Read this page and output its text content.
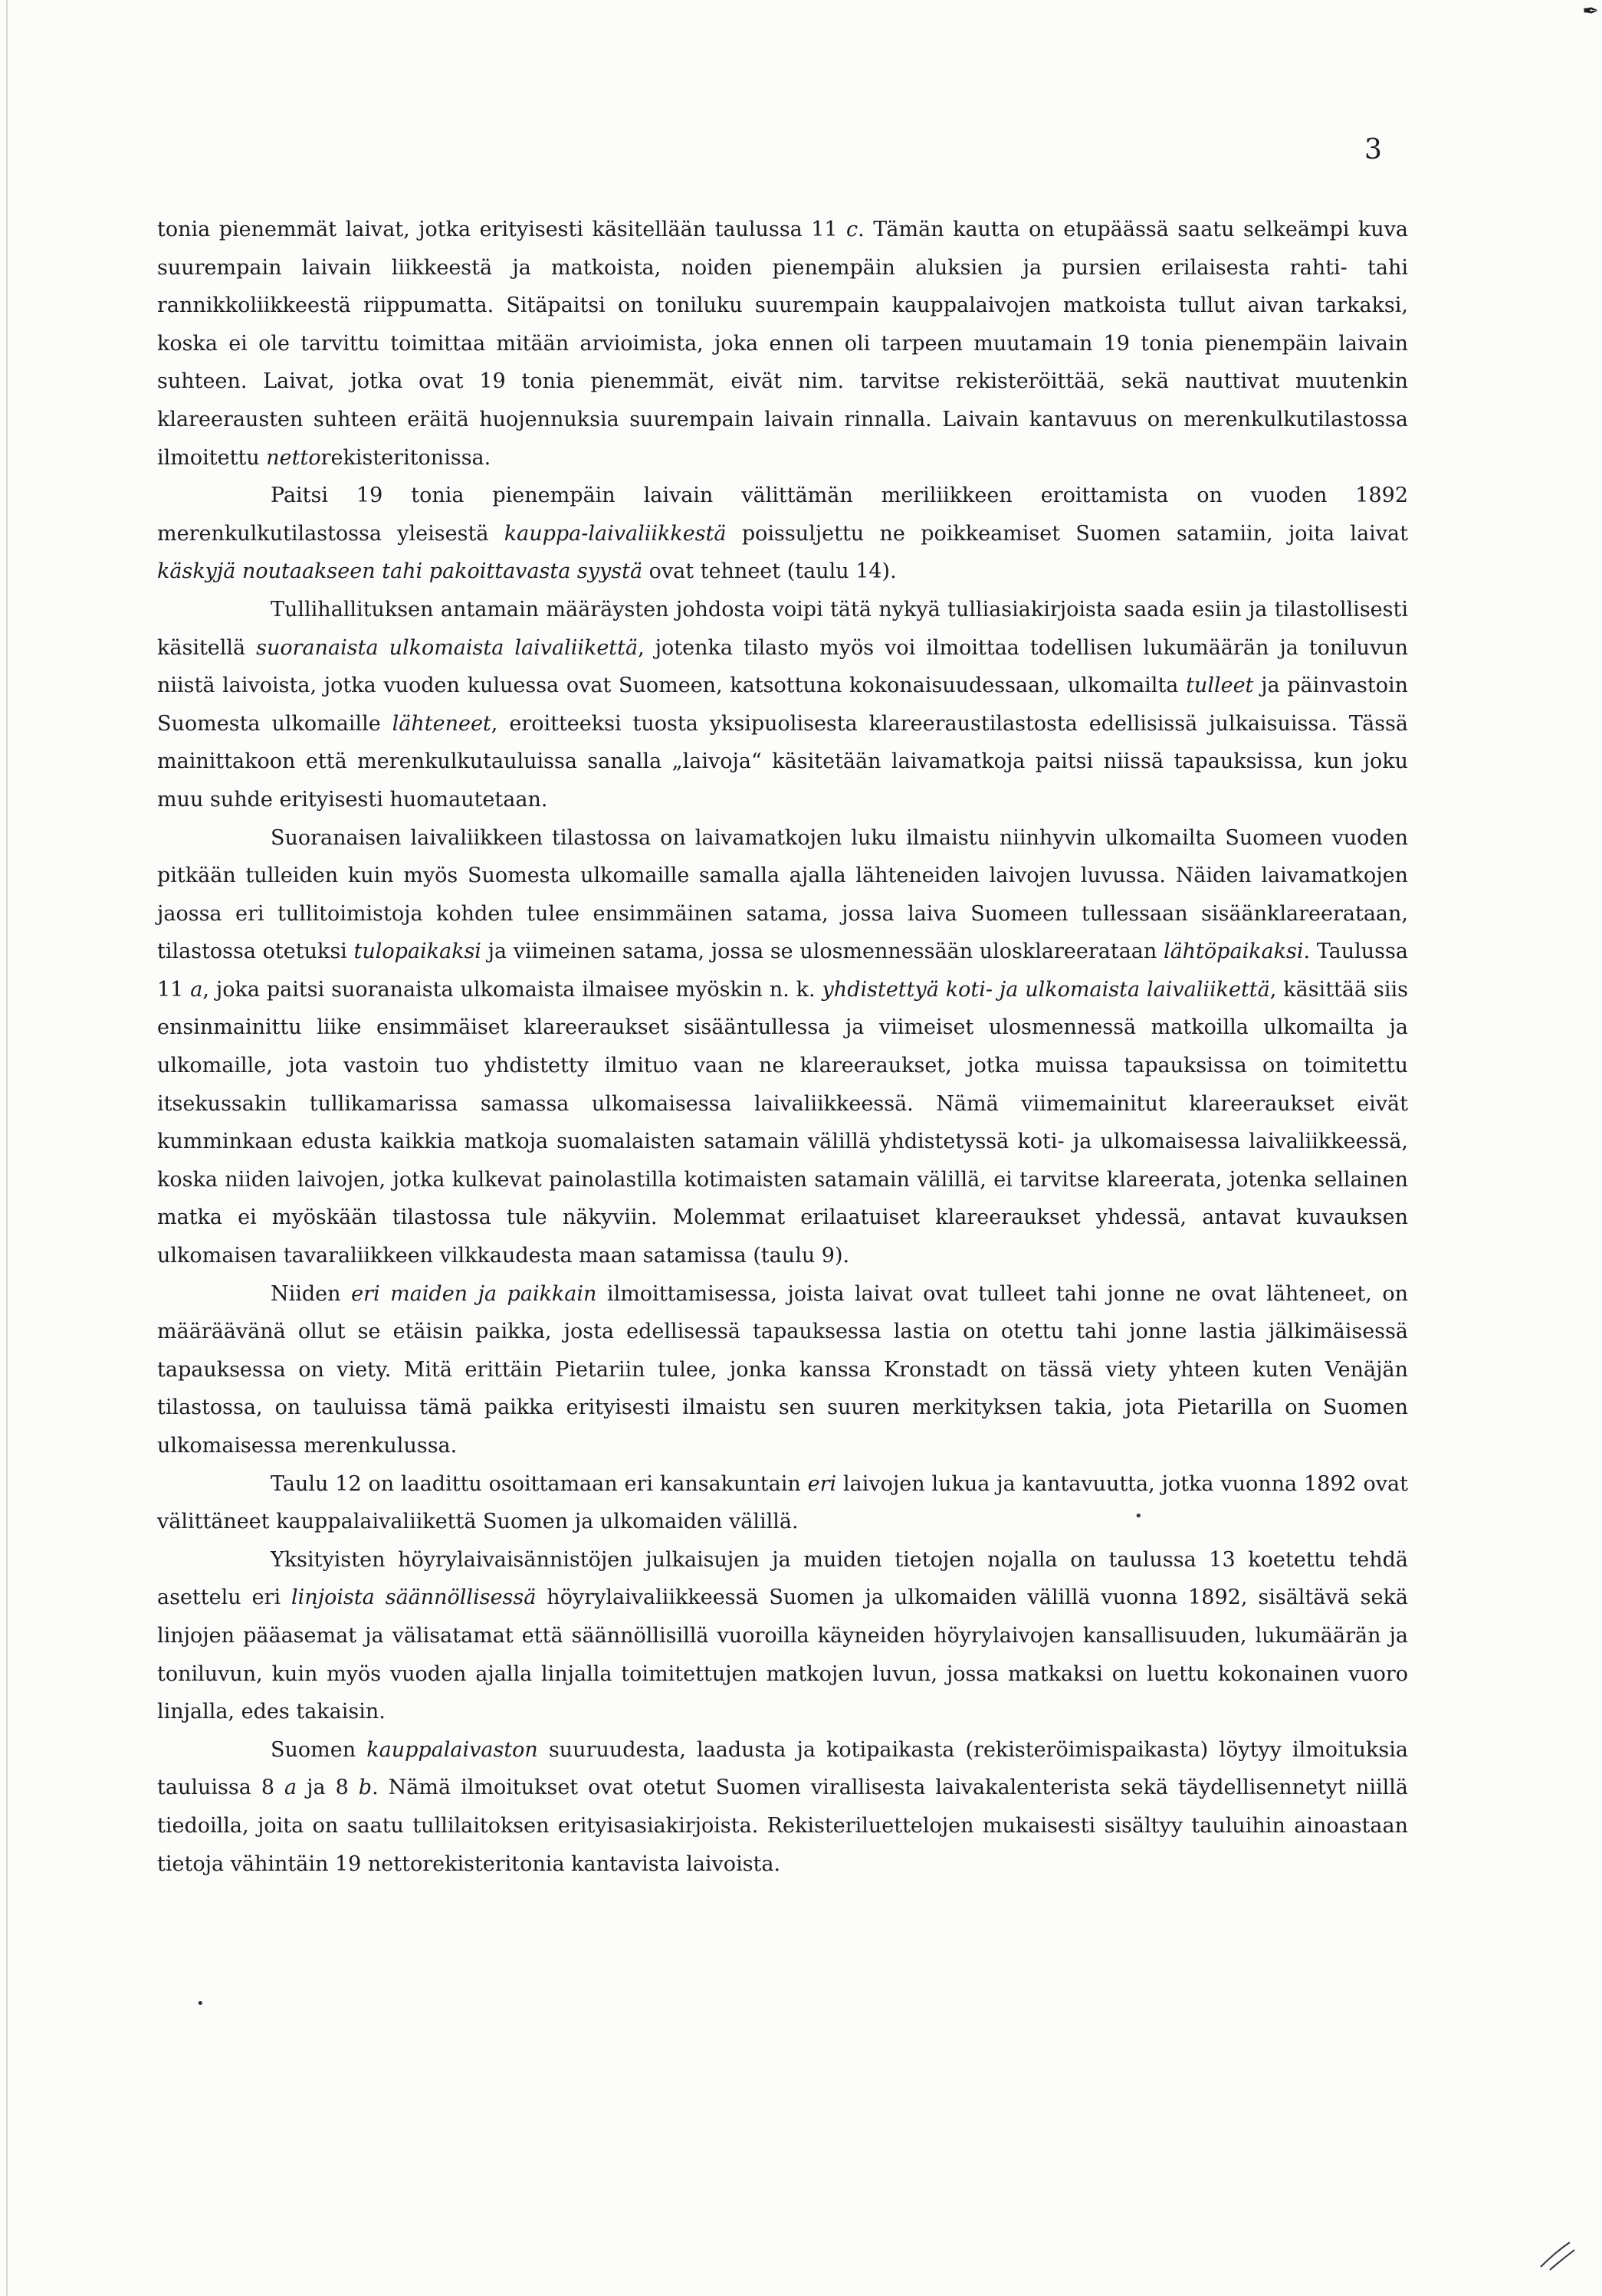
✒
•
•
3

tonia pienemmät laivat, jotka erityisesti käsitellään taulussa 11 c. Tämän kautta on etupäässä saatu selkeämpi kuva suurempain laivain liikkeestä ja matkoista, noiden pienempäin aluksien ja pursien erilaisesta rahti- tahi rannikkoliikkeestä riippumatta. Sitäpaitsi on toniluku suurempain kauppalaivojen matkoista tullut aivan tarkaksi, koska ei ole tarvittu toimittaa mitään arvioimista, joka ennen oli tarpeen muutamain 19 tonia pienempäin laivain suhteen. Laivat, jotka ovat 19 tonia pienemmät, eivät nim. tarvitse rekisteröittää, sekä nauttivat muutenkin klareerausten suhteen eräitä huojennuksia suurempain laivain rinnalla. Laivain kantavuus on merenkulkutilastossa ilmoitettu nettorekisteritonissa.

Paitsi 19 tonia pienempäin laivain välittämän meriliikkeen eroittamista on vuoden 1892 merenkulkutilastossa yleisestä kauppa-laivaliikkestä poissuljettu ne poikkeamiset Suomen satamiin, joita laivat käskyjä noutaakseen tahi pakoittavasta syystä ovat tehneet (taulu 14).

Tullihallituksen antamain määräysten johdosta voipi tätä nykyä tulliasiakirjoista saada esiin ja tilastollisesti käsitellä suoranaista ulkomaista laivaliikettä, jotenka tilasto myös voi ilmoittaa todellisen lukumäärän ja toniluvun niistä laivoista, jotka vuoden kuluessa ovat Suomeen, katsottuna kokonaisuudessaan, ulkomailta tulleet ja päinvastoin Suomesta ulkomaille lähteneet, eroitteeksi tuosta yksipuolisesta klareeraustilastosta edellisissä julkaisuissa. Tässä mainittakoon että merenkulkutauluissa sanalla „laivoja“ käsitetään laivamatkoja paitsi niissä tapauksissa, kun joku muu suhde erityisesti huomautetaan.

Suoranaisen laivaliikkeen tilastossa on laivamatkojen luku ilmaistu niinhyvin ulkomailta Suomeen vuoden pitkään tulleiden kuin myös Suomesta ulkomaille samalla ajalla lähteneiden laivojen luvussa. Näiden laivamatkojen jaossa eri tullitoimistoja kohden tulee ensimmäinen satama, jossa laiva Suomeen tullessaan sisäänklareerataan, tilastossa otetuksi tulopaikaksi ja viimeinen satama, jossa se ulosmennessään ulosklareerataan lähtöpaikaksi. Taulussa 11 a, joka paitsi suoranaista ulkomaista ilmaisee myöskin n. k. yhdistettyä koti- ja ulkomaista laivaliikettä, käsittää siis ensinmainittu liike ensimmäiset klareeraukset sisääntullessa ja viimeiset ulosmennessä matkoilla ulkomailta ja ulkomaille, jota vastoin tuo yhdistetty ilmituo vaan ne klareeraukset, jotka muissa tapauksissa on toimitettu itsekussakin tullikamarissa samassa ulkomaisessa laivaliikkeessä. Nämä viimemainitut klareeraukset eivät kumminkaan edusta kaikkia matkoja suomalaisten satamain välillä yhdistetyssä koti- ja ulkomaisessa laivaliikkeessä, koska niiden laivojen, jotka kulkevat painolastilla kotimaisten satamain välillä, ei tarvitse klareerata, jotenka sellainen matka ei myöskään tilastossa tule näkyviin. Molemmat erilaatuiset klareeraukset yhdessä, antavat kuvauksen ulkomaisen tavaraliikkeen vilkkaudesta maan satamissa (taulu 9).

Niiden eri maiden ja paikkain ilmoittamisessa, joista laivat ovat tulleet tahi jonne ne ovat lähteneet, on määräävänä ollut se etäisin paikka, josta edellisessä tapauksessa lastia on otettu tahi jonne lastia jälkimäisessä tapauksessa on viety. Mitä erittäin Pietariin tulee, jonka kanssa Kronstadt on tässä viety yhteen kuten Venäjän tilastossa, on tauluissa tämä paikka erityisesti ilmaistu sen suuren merkityksen takia, jota Pietarilla on Suomen ulkomaisessa merenkulussa.

Taulu 12 on laadittu osoittamaan eri kansakuntain eri laivojen lukua ja kantavuutta, jotka vuonna 1892 ovat välittäneet kauppalaivaliikettä Suomen ja ulkomaiden välillä.

Yksityisten höyrylaivaisännistöjen julkaisujen ja muiden tietojen nojalla on taulussa 13 koetettu tehdä asettelu eri linjoista säännöllisessä höyrylaivaliikkeessä Suomen ja ulkomaiden välillä vuonna 1892, sisältävä sekä linjojen pääasemat ja välisatamat että säännöllisillä vuoroilla käyneiden höyrylaivojen kansallisuuden, lukumäärän ja toniluvun, kuin myös vuoden ajalla linjalla toimitettujen matkojen luvun, jossa matkaksi on luettu kokonainen vuoro linjalla, edes takaisin.

Suomen kauppalaivaston suuruudesta, laadusta ja kotipaikasta (rekisteröimispaikasta) löytyy ilmoituksia tauluissa 8 a ja 8 b. Nämä ilmoitukset ovat otetut Suomen virallisesta laivakalenterista sekä täydellisennetyt niillä tiedoilla, joita on saatu tullilaitoksen erityisasiakirjoista. Rekisteriluettelojen mukaisesti sisältyy tauluihin ainoastaan tietoja vähintäin 19 nettorekisteritonia kantavista laivoista.
